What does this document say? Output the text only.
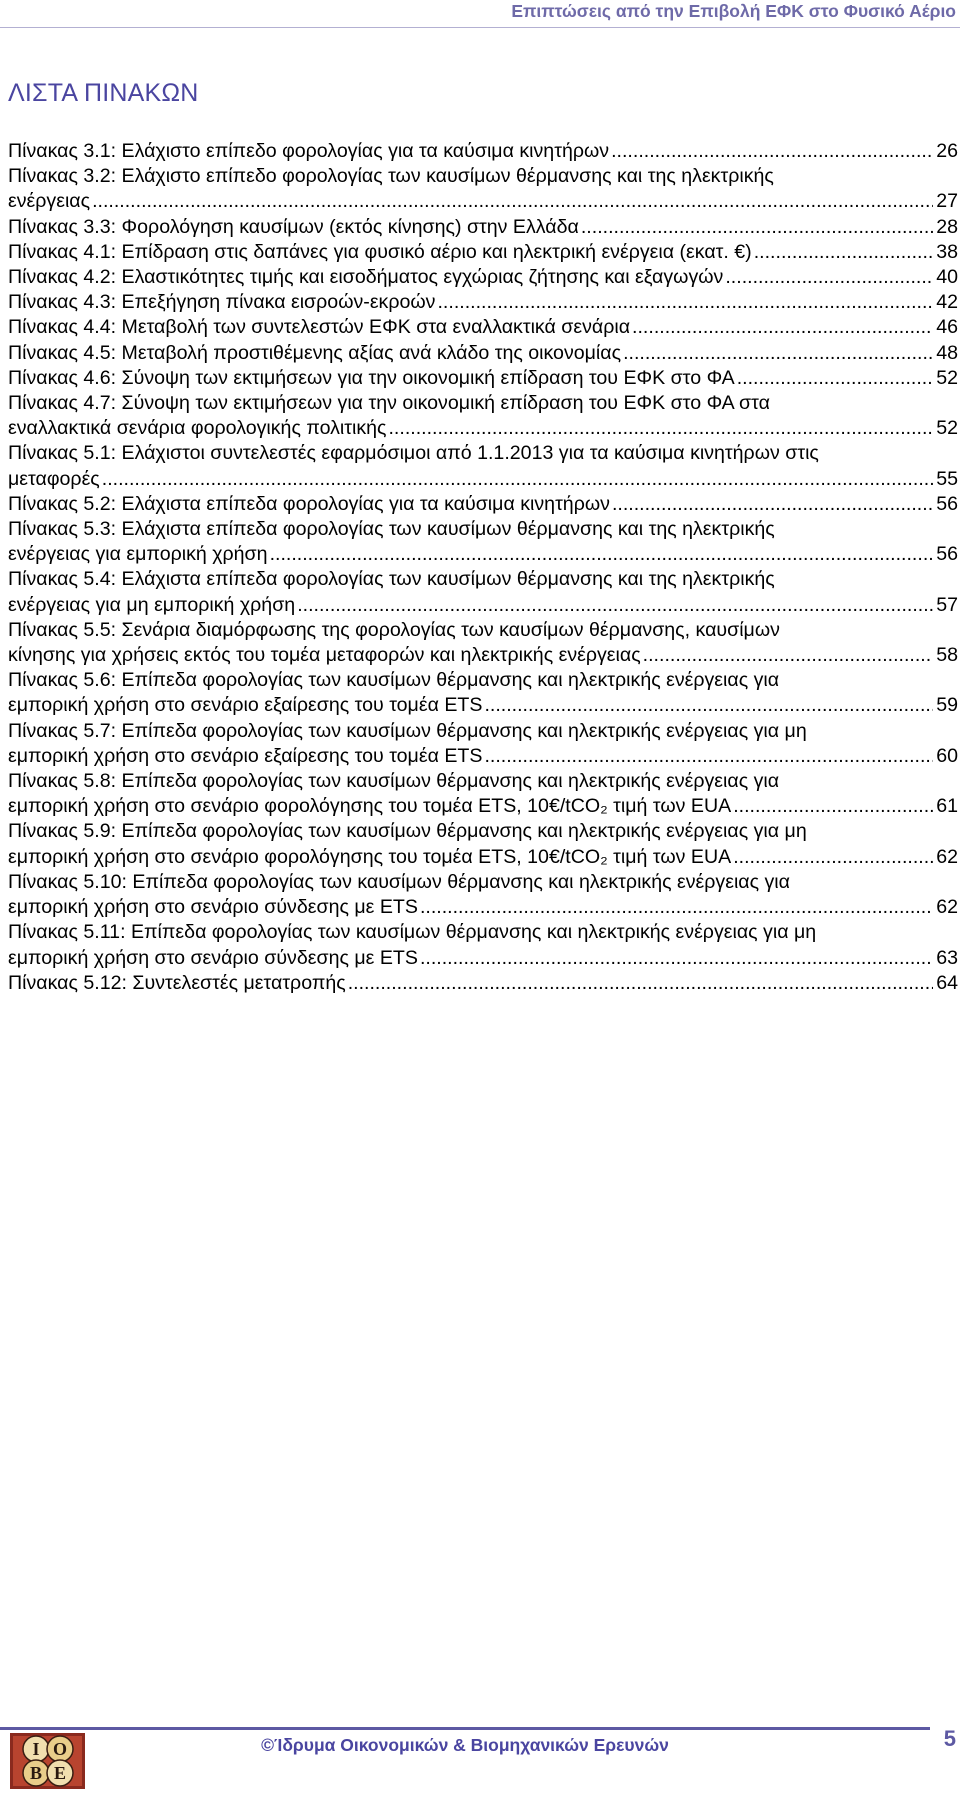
Επιπτώσεις από την Επιβολή ΕΦΚ στο Φυσικό Αέριο
ΛΙΣΤΑ ΠΙΝΑΚΩΝ
Πίνακας 3.1: Ελάχιστο επίπεδο φορολογίας για τα καύσιμα κινητήρων .....	26
Πίνακας 3.2: Ελάχιστο επίπεδο φορολογίας των καυσίμων θέρμανσης και της ηλεκτρικής
ενέργειας .....	27
Πίνακας 3.3: Φορολόγηση καυσίμων (εκτός κίνησης) στην Ελλάδα .....	28
Πίνακας 4.1: Επίδραση στις δαπάνες για φυσικό αέριο και ηλεκτρική ενέργεια (εκατ. €) .....	38
Πίνακας 4.2: Ελαστικότητες τιμής και εισοδήματος εγχώριας ζήτησης και εξαγωγών .....	40
Πίνακας 4.3: Επεξήγηση πίνακα εισροών-εκροών .....	42
Πίνακας 4.4: Μεταβολή των συντελεστών ΕΦΚ στα εναλλακτικά σενάρια .....	46
Πίνακας 4.5: Μεταβολή προστιθέμενης αξίας ανά κλάδο της οικονομίας .....	48
Πίνακας 4.6: Σύνοψη των εκτιμήσεων για την οικονομική επίδραση του ΕΦΚ στο ΦΑ .....	52
Πίνακας 4.7: Σύνοψη των εκτιμήσεων για την οικονομική επίδραση του ΕΦΚ στο ΦΑ στα
εναλλακτικά σενάρια φορολογικής πολιτικής .....	52
Πίνακας 5.1: Ελάχιστοι συντελεστές εφαρμόσιμοι από 1.1.2013 για τα καύσιμα κινητήρων στις
μεταφορές .....	55
Πίνακας 5.2: Ελάχιστα επίπεδα φορολογίας για τα καύσιμα κινητήρων .....	56
Πίνακας 5.3: Ελάχιστα επίπεδα φορολογίας των καυσίμων θέρμανσης και της ηλεκτρικής
ενέργειας για εμπορική χρήση .....	56
Πίνακας 5.4: Ελάχιστα επίπεδα φορολογίας των καυσίμων θέρμανσης και της ηλεκτρικής
ενέργειας για μη εμπορική χρήση .....	57
Πίνακας 5.5: Σενάρια διαμόρφωσης της φορολογίας των καυσίμων θέρμανσης, καυσίμων
κίνησης για χρήσεις εκτός του τομέα μεταφορών και ηλεκτρικής ενέργειας .....	58
Πίνακας 5.6: Επίπεδα φορολογίας των καυσίμων θέρμανσης και ηλεκτρικής ενέργειας για
εμπορική χρήση στο σενάριο εξαίρεσης του τομέα ETS .....	59
Πίνακας 5.7: Επίπεδα φορολογίας των καυσίμων θέρμανσης και ηλεκτρικής ενέργειας για μη
εμπορική χρήση στο σενάριο εξαίρεσης του τομέα ETS .....	60
Πίνακας 5.8: Επίπεδα φορολογίας των καυσίμων θέρμανσης και ηλεκτρικής ενέργειας για
εμπορική χρήση στο σενάριο φορολόγησης του τομέα ETS, 10€/tCO₂ τιμή των EUA .....	61
Πίνακας 5.9: Επίπεδα φορολογίας των καυσίμων θέρμανσης και ηλεκτρικής ενέργειας για μη
εμπορική χρήση στο σενάριο φορολόγησης του τομέα ETS, 10€/tCO₂ τιμή των EUA .....	62
Πίνακας 5.10: Επίπεδα φορολογίας των καυσίμων θέρμανσης και ηλεκτρικής ενέργειας για
εμπορική χρήση στο σενάριο σύνδεσης με ETS .....	62
Πίνακας 5.11: Επίπεδα φορολογίας των καυσίμων θέρμανσης και ηλεκτρικής ενέργειας για μη
εμπορική χρήση στο σενάριο σύνδεσης με ETS .....	63
Πίνακας 5.12: Συντελεστές μετατροπής .....	64
Ι Ο
Β Ε
©Ίδρυμα Οικονομικών & Βιομηχανικών Ερευνών	5
